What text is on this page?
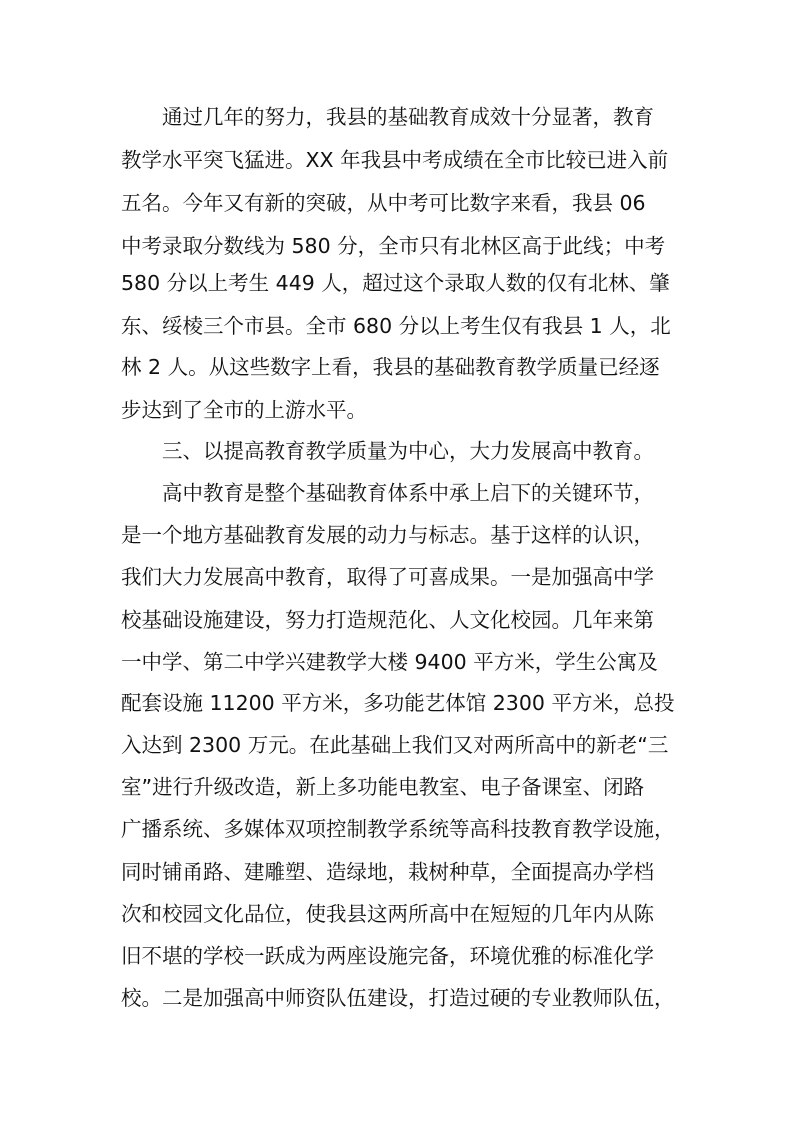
通过几年的努力，我县的基础教育成效十分显著，教育
教学水平突飞猛进。XX 年我县中考成绩在全市比较已进入前
五名。今年又有新的突破，从中考可比数字来看，我县 06
中考录取分数线为 580 分，全市只有北林区高于此线；中考
580 分以上考生 449 人，超过这个录取人数的仅有北林、肇
东、绥棱三个市县。全市 680 分以上考生仅有我县 1 人，北
林 2 人。从这些数字上看，我县的基础教育教学质量已经逐
步达到了全市的上游水平。
三、以提高教育教学质量为中心，大力发展高中教育。
高中教育是整个基础教育体系中承上启下的关键环节，
是一个地方基础教育发展的动力与标志。基于这样的认识，
我们大力发展高中教育，取得了可喜成果。一是加强高中学
校基础设施建设，努力打造规范化、人文化校园。几年来第
一中学、第二中学兴建教学大楼 9400 平方米，学生公寓及
配套设施 11200 平方米，多功能艺体馆 2300 平方米，总投
入达到 2300 万元。在此基础上我们又对两所高中的新老“三
室”进行升级改造，新上多功能电教室、电子备课室、闭路
广播系统、多媒体双项控制教学系统等高科技教育教学设施，
同时铺甬路、建雕塑、造绿地，栽树种草，全面提高办学档
次和校园文化品位，使我县这两所高中在短短的几年内从陈
旧不堪的学校一跃成为两座设施完备，环境优雅的标准化学
校。二是加强高中师资队伍建设，打造过硬的专业教师队伍，
